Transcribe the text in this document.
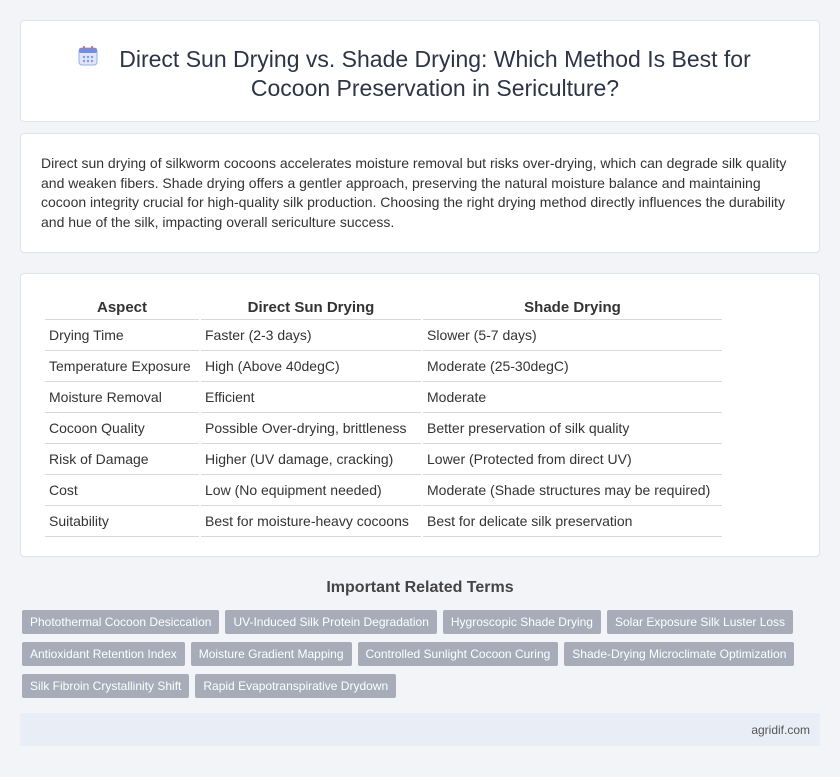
Direct Sun Drying vs. Shade Drying: Which Method Is Best for Cocoon Preservation in Sericulture?

Direct sun drying of silkworm cocoons accelerates moisture removal but risks over-drying, which can degrade silk quality and weaken fibers. Shade drying offers a gentler approach, preserving the natural moisture balance and maintaining cocoon integrity crucial for high-quality silk production. Choosing the right drying method directly influences the durability and hue of the silk, impacting overall sericulture success.

Aspect	Direct Sun Drying	Shade Drying
Drying Time	Faster (2-3 days)	Slower (5-7 days)
Temperature Exposure	High (Above 40degC)	Moderate (25-30degC)
Moisture Removal	Efficient	Moderate
Cocoon Quality	Possible Over-drying, brittleness	Better preservation of silk quality
Risk of Damage	Higher (UV damage, cracking)	Lower (Protected from direct UV)
Cost	Low (No equipment needed)	Moderate (Shade structures may be required)
Suitability	Best for moisture-heavy cocoons	Best for delicate silk preservation
Important Related Terms
Photothermal Cocoon Desiccation	UV-Induced Silk Protein Degradation	Hygroscopic Shade Drying	Solar Exposure Silk Luster Loss
Antioxidant Retention Index	Moisture Gradient Mapping	Controlled Sunlight Cocoon Curing	Shade-Drying Microclimate Optimization
Silk Fibroin Crystallinity Shift	Rapid Evapotranspirative Drydown
agridif.com
